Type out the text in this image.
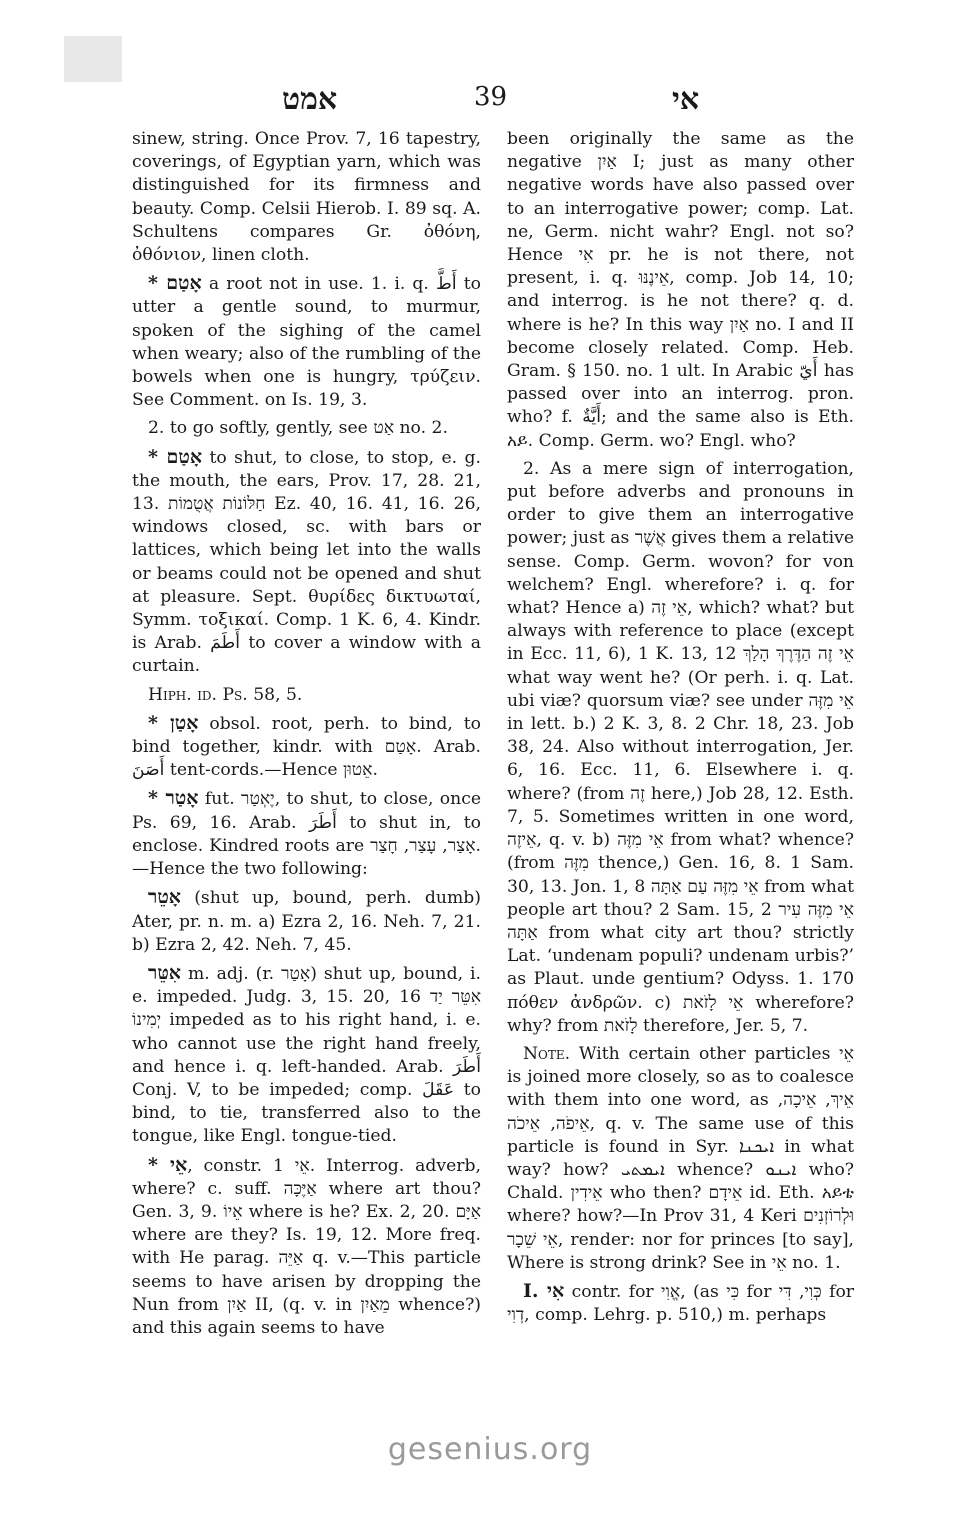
אמט	39	אי

sinew, string. Once Prov. 7, 16 tapestry, coverings, of Egyptian yarn, which was distinguished for its firmness and beauty. Comp. Celsii Hierob. I. 89 sq. A. Schultens compares Gr. ὀθόνη, ὀθόνιον, linen cloth.

* אָטַם a root not in use. 1. i. q. أَطَّ to utter a gentle sound, to murmur, spoken of the sighing of the camel when weary; also of the rumbling of the bowels when one is hungry, τρύζειν. See Comment. on Is. 19, 3.

2. to go softly, gently, see אַט no. 2.

* אָטַם to shut, to close, to stop, e. g. the mouth, the ears, Prov. 17, 28. 21, 13. חַלּוֹנוֹת אֲטֻמוֹת Ez. 40, 16. 41, 16. 26, windows closed, sc. with bars or lattices, which being let into the walls or beams could not be opened and shut at pleasure. Sept. θυρίδες δικτυωταί, Symm. τοξικαί. Comp. 1 K. 6, 4. Kindr. is Arab. أَطَمَ to cover a window with a curtain.

Hiph. id. Ps. 58, 5.

* אָטַן obsol. root, perh. to bind, to bind together, kindr. with אָטַם. Arab. أَصَنَ tent-cords.—Hence אֵטוּן.

* אָטַר fut. יֶאְטַר, to shut, to close, once Ps. 69, 16. Arab. أَطَرَ to shut in, to enclose. Kindred roots are אָצַר, עָצַר, חָצַר.—Hence the two following:

אָטֵר (shut up, bound, perh. dumb) Ater, pr. n. m. a) Ezra 2, 16. Neh. 7, 21. b) Ezra 2, 42. Neh. 7, 45.

אִטֵּר m. adj. (r. אָטַר) shut up, bound, i. e. impeded. Judg. 3, 15. 20, 16 אִטֵּר יַד יְמִינוֹ impeded as to his right hand, i. e. who cannot use the right hand freely, and hence i. q. left-handed. Arab. أَطَرَ Conj. V, to be impeded; comp. عَقَلَ to bind, to tie, transferred also to the tongue, like Engl. tongue-tied.

* אֵי, constr. אֵי 1. Interrog. adverb, where? c. suff. אַיֶּכָּה where art thou? Gen. 3, 9. אֵיוֹ where is he? Ex. 2, 20. אַיָּם where are they? Is. 19, 12. More freq. with He parag. אַיֵּה q. v.—This particle seems to have arisen by dropping the Nun from אַיִן II, (q. v. in מֵאַיִן whence?) and this again seems to have

been originally the same as the negative אַיִן I; just as many other negative words have also passed over to an interrogative power; comp. Lat. ne, Germ. nicht wahr? Engl. not so? Hence אִי pr. he is not there, not present, i. q. אֵינֶנּוּ, comp. Job 14, 10; and interrog. is he not there? q. d. where is he? In this way אַיִן no. I and II become closely related. Comp. Heb. Gram. § 150. no. 1 ult. In Arabic أَيّ has passed over into an interrog. pron. who? f. أَيَّةٌ; and the same also is Eth. አይ. Comp. Germ. wo? Engl. who?

2. As a mere sign of interrogation, put before adverbs and pronouns in order to give them an interrogative power; just as אֲשֶׁר gives them a relative sense. Comp. Germ. wovon? for von welchem? Engl. wherefore? i. q. for what? Hence a) אֵי זֶה, which? what? but always with reference to place (except in Ecc. 11, 6), 1 K. 13, 12 אֵי זֶה הַדֶּרֶךְ הָלַךְ what way went he? (Or perh. i. q. Lat. ubi viæ? quorsum viæ? see under אֵי מִזֶּה in lett. b.) 2 K. 3, 8. 2 Chr. 18, 23. Job 38, 24. Also without interrogation, Jer. 6, 16. Ecc. 11, 6. Elsewhere i. q. where? (from זֶה here,) Job 28, 12. Esth. 7, 5. Sometimes written in one word, אֵיזֶה, q. v. b) אֵי מִזֶּה from what? whence? (from מִזֶּה thence,) Gen. 16, 8. 1 Sam. 30, 13. Jon. 1, 8 אֵי מִזֶּה עַם אַתָּה from what people art thou? 2 Sam. 15, 2 אֵי מִזֶּה עִיר אַתָּה from what city art thou? strictly Lat. ‘undenam populi? undenam urbis?’ as Plaut. unde gentium? Odyss. 1. 170 πόθεν ἀνδρῶν. c) אֵי לָזֹאת wherefore? why? from לָזֹאת therefore, Jer. 5, 7.

Note. With certain other particles אֵי is joined more closely, so as to coalesce with them into one word, as אֵיךְ, אֵיכָה, אֵיפֹה, אֵיכֹה, q. v. The same use of this particle is found in Syr. ܐܝܟܢܐ in what way? how? ܐܝܡܬܝ whence? ܐܝܢܘ who? Chald. אֵידִין who then? אֵידָם id. Eth. አይቴ where? how?—In Prov 31, 4 Keri וּלְרוֹזְנִים אֵי שֵׁכָר, render: nor for princes [to say], Where is strong drink? See in אֵי no. 1.

I. אִי contr. for אֱוִי, (as כִּי for כְּוִי, דִּי for דְוִי, comp. Lehrg. p. 510,) m. perhaps

gesenius.org
